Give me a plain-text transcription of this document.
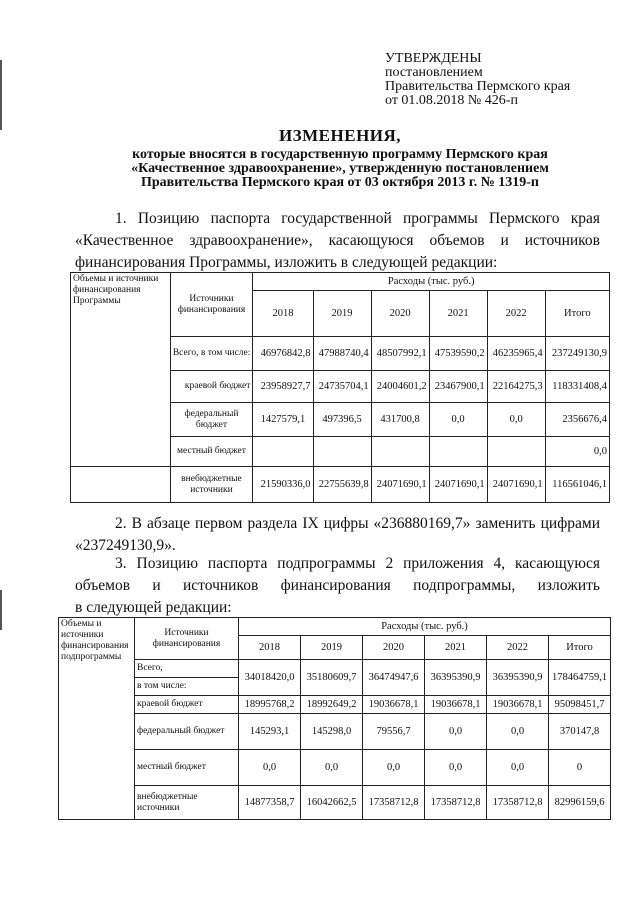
УТВЕРЖДЕНЫ
постановлением
Правительства Пермского края
от 01.08.2018 № 426-п
ИЗМЕНЕНИЯ,
которые вносятся в государственную программу Пермского края
«Качественное здравоохранение», утвержденную постановлением
Правительства Пермского края от 03 октября 2013 г. № 1319-п
1. Позицию паспорта государственной программы Пермского края
«Качественное здравоохранение», касающуюся объемов и источников
финансирования Программы, изложить в следующей редакции:
Объемы и источники финансирования Программы	Источники финансирования	Расходы (тыс. руб.)					
		2018	2019	2020	2021	2022	Итого
	Всего, в том числе:	46976842,8	47988740,4	48507992,1	47539590,2	46235965,4	237249130,9
	краевой бюджет	23958927,7	24735704,1	24004601,2	23467900,1	22164275,3	118331408,4
	федеральный бюджет	1427579,1	497396,5	431700,8	0,0	0,0	2356676,4
	местный бюджет						0,0
	внебюджетные источники	21590336,0	22755639,8	24071690,1	24071690,1	24071690,1	116561046,1
2. В абзаце первом раздела IX цифры «236880169,7» заменить цифрами
«237249130,9».
3. Позицию паспорта подпрограммы 2 приложения 4, касающуюся
объемов и источников финансирования подпрограммы, изложить
в следующей редакции:
Объемы и источники финансирования подпрограммы	Источники финансирования	Расходы (тыс. руб.)					
		2018	2019	2020	2021	2022	Итого
	Всего,	34018420,0	35180609,7	36474947,6	36395390,9	36395390,9	178464759,1
	в том числе:						
	краевой бюджет	18995768,2	18992649,2	19036678,1	19036678,1	19036678,1	95098451,7
	федеральный бюджет	145293,1	145298,0	79556,7	0,0	0,0	370147,8
	местный бюджет	0,0	0,0	0,0	0,0	0,0	0
	внебюджетные источники	14877358,7	16042662,5	17358712,8	17358712,8	17358712,8	82996159,6
